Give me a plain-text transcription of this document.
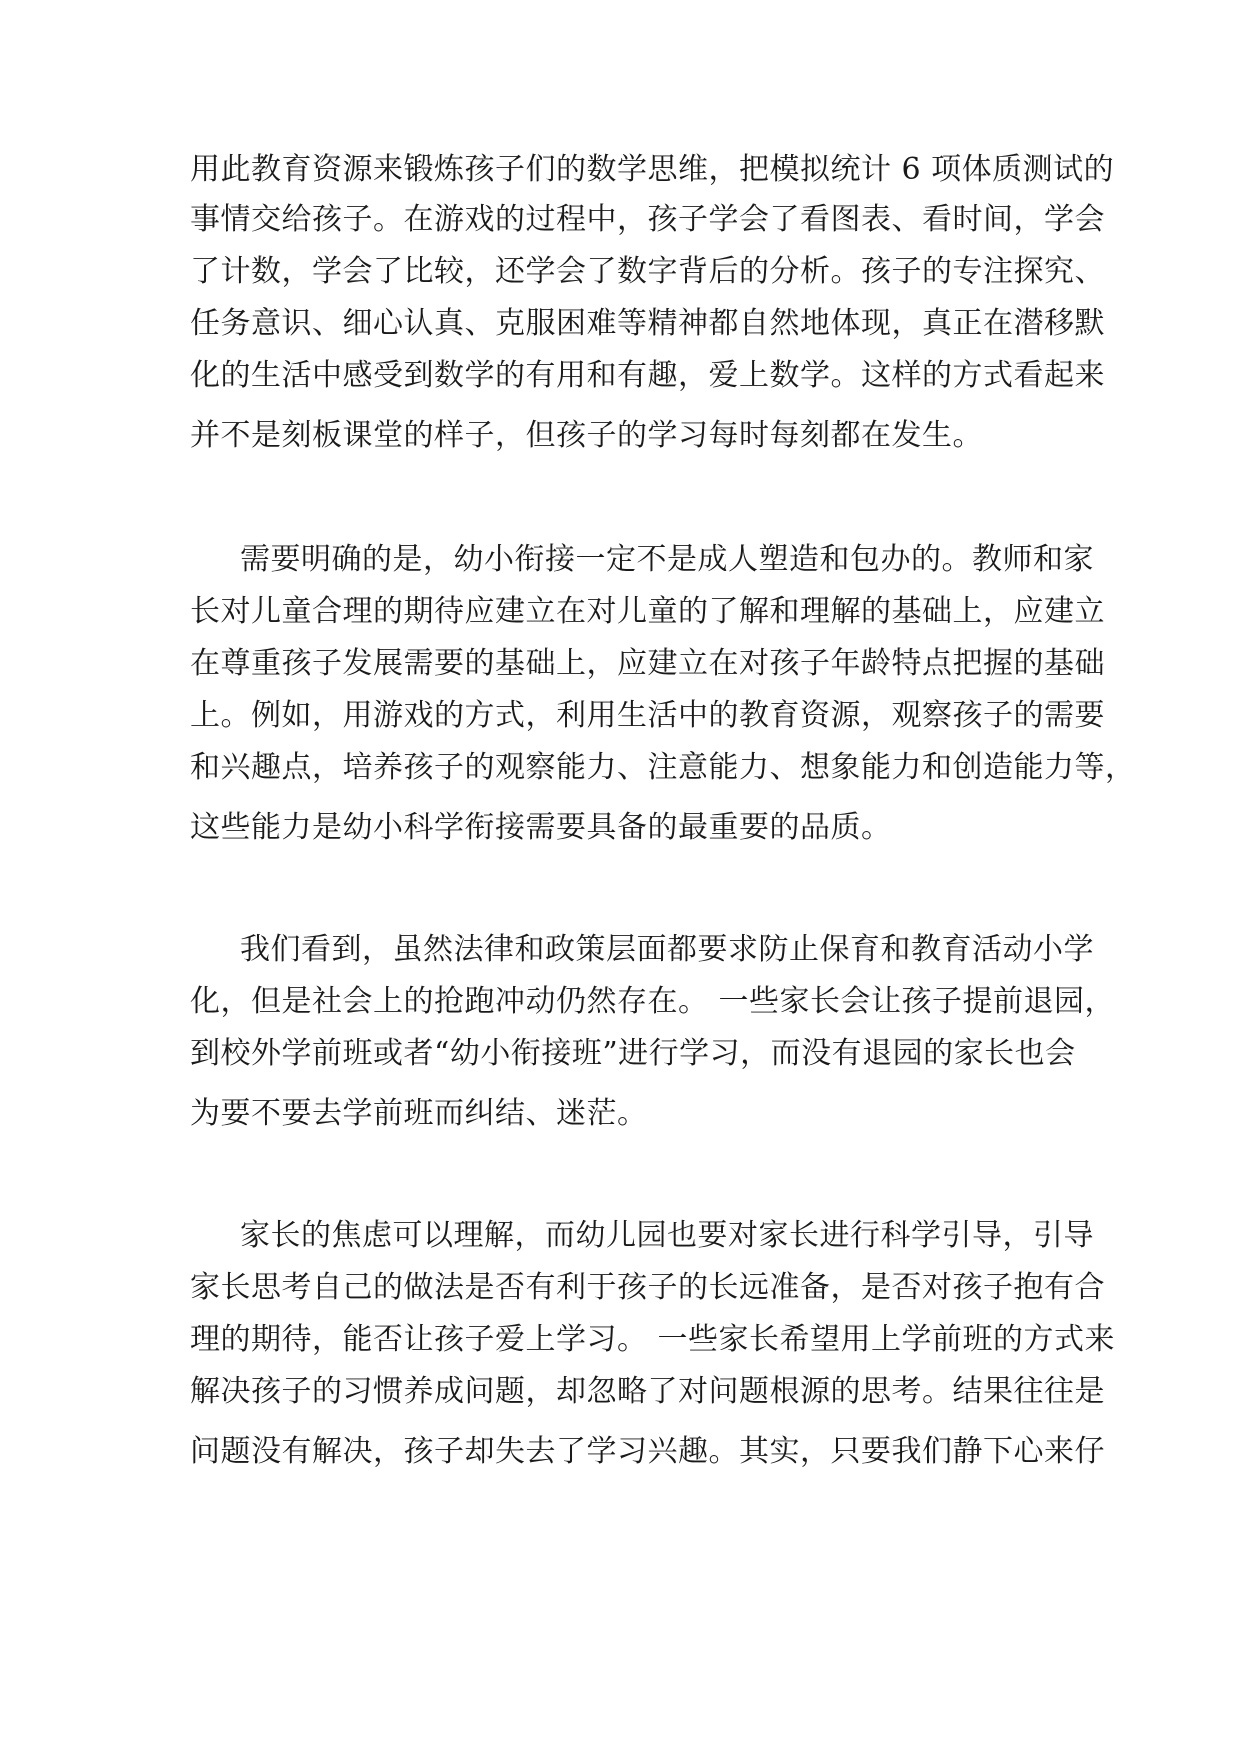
用此教育资源来锻炼孩子们的数学思维，把模拟统计 6 项体质测试的
事情交给孩子。在游戏的过程中，孩子学会了看图表、看时间，学会
了计数，学会了比较，还学会了数字背后的分析。孩子的专注探究、
任务意识、细心认真、克服困难等精神都自然地体现，真正在潜移默
化的生活中感受到数学的有用和有趣，爱上数学。这样的方式看起来
并不是刻板课堂的样子，但孩子的学习每时每刻都在发生。
需要明确的是，幼小衔接一定不是成人塑造和包办的。教师和家
长对儿童合理的期待应建立在对儿童的了解和理解的基础上，应建立
在尊重孩子发展需要的基础上，应建立在对孩子年龄特点把握的基础
上。例如，用游戏的方式，利用生活中的教育资源，观察孩子的需要
和兴趣点，培养孩子的观察能力、注意能力、想象能力和创造能力等，
这些能力是幼小科学衔接需要具备的最重要的品质。
我们看到，虽然法律和政策层面都要求防止保育和教育活动小学
化，但是社会上的抢跑冲动仍然存在。 一些家长会让孩子提前退园，
到校外学前班或者“幼小衔接班”进行学习，而没有退园的家长也会
为要不要去学前班而纠结、迷茫。
家长的焦虑可以理解，而幼儿园也要对家长进行科学引导，引导
家长思考自己的做法是否有利于孩子的长远准备，是否对孩子抱有合
理的期待，能否让孩子爱上学习。 一些家长希望用上学前班的方式来
解决孩子的习惯养成问题，却忽略了对问题根源的思考。结果往往是
问题没有解决，孩子却失去了学习兴趣。其实，只要我们静下心来仔
